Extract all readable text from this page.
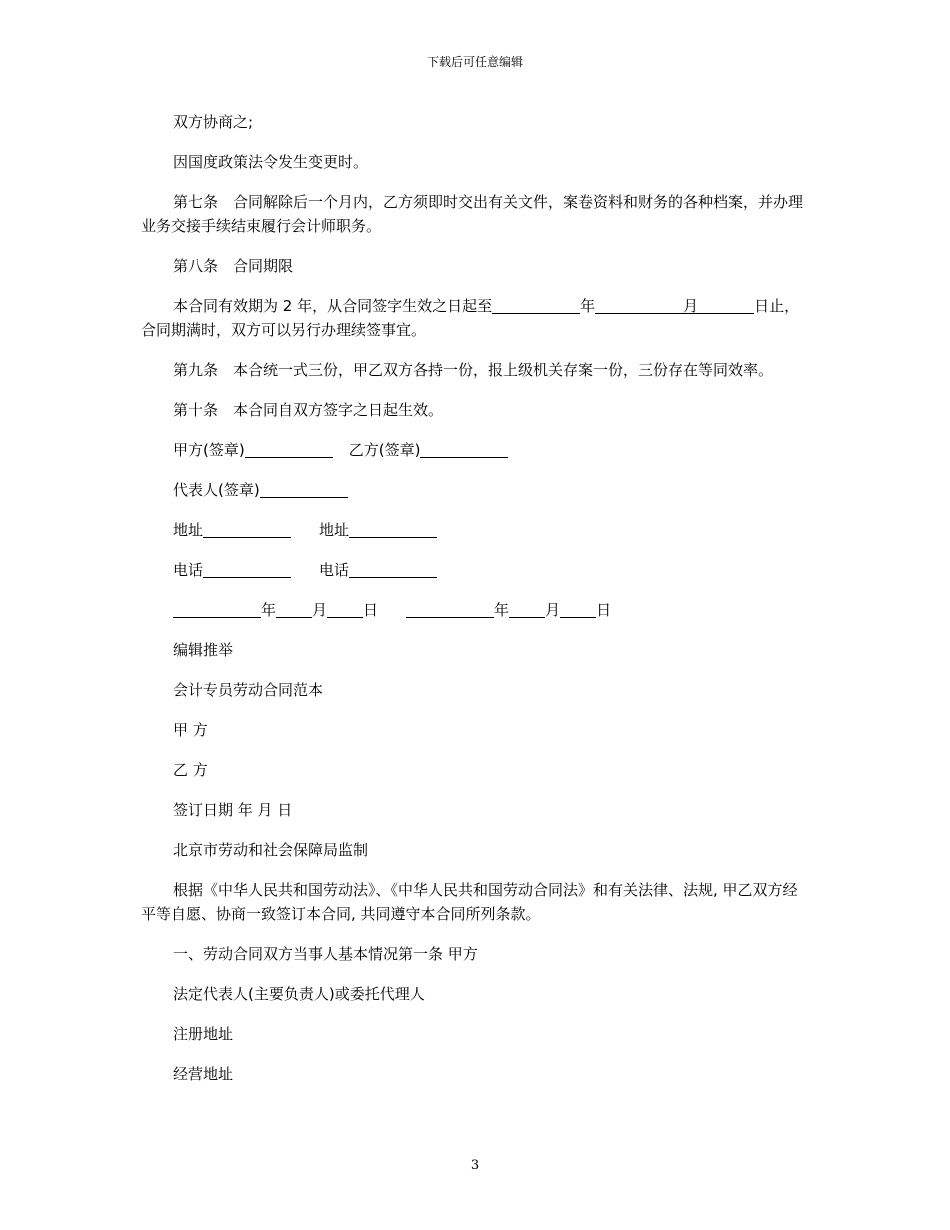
下载后可任意编辑

双方协商之;

因国度政策法令发生变更时。

第七条　合同解除后一个月内，乙方须即时交出有关文件，案卷资料和财务的各种档案，并办理业务交接手续结束履行会计师职务。

第八条　合同期限

本合同有效期为 2 年，从合同签字生效之日起至	年	月	日止，合同期满时，双方可以另行办理续签事宜。

第九条　本合统一式三份，甲乙双方各持一份，报上级机关存案一份，三份存在等同效率。

第十条　本合同自双方签字之日起生效。

甲方(签章)	乙方(签章)

代表人(签章)

地址	地址

电话	电话

年 月 日	年 月 日

编辑推举

会计专员劳动合同范本

甲 方

乙 方

签订日期 年 月 日

北京市劳动和社会保障局监制

根据《中华人民共和国劳动法》、《中华人民共和国劳动合同法》和有关法律、法规, 甲乙双方经平等自愿、协商一致签订本合同, 共同遵守本合同所列条款。

一、劳动合同双方当事人基本情况第一条 甲方

法定代表人(主要负责人)或委托代理人

注册地址

经营地址

3
